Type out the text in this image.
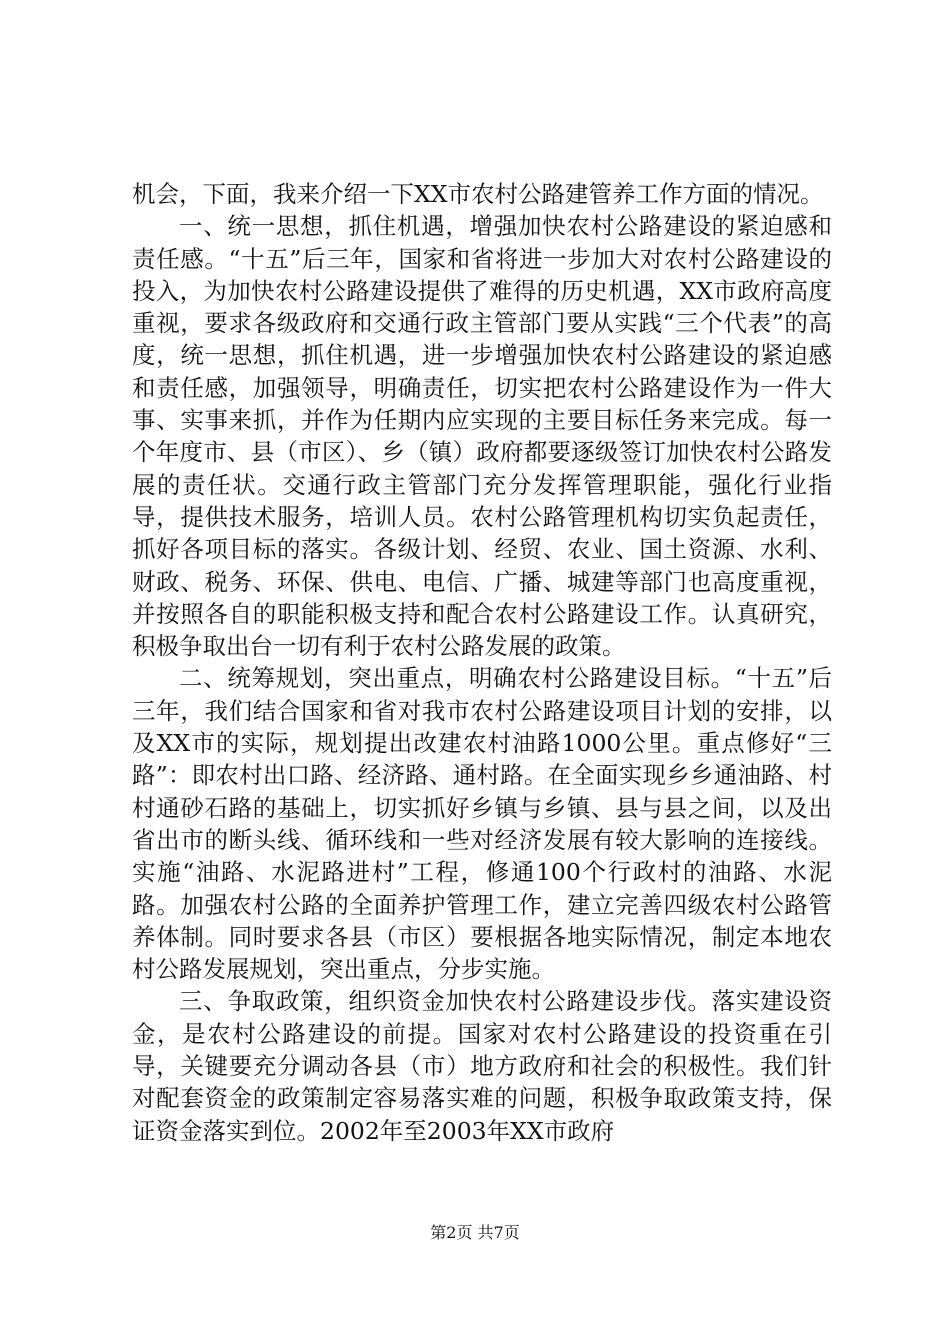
机会，下面，我来介绍一下XX市农村公路建管养工作方面的情况。

一、统一思想，抓住机遇，增强加快农村公路建设的紧迫感和责任感。“十五”后三年，国家和省将进一步加大对农村公路建设的投入，为加快农村公路建设提供了难得的历史机遇，XX市政府高度重视，要求各级政府和交通行政主管部门要从实践“三个代表”的高度，统一思想，抓住机遇，进一步增强加快农村公路建设的紧迫感和责任感，加强领导，明确责任，切实把农村公路建设作为一件大事、实事来抓，并作为任期内应实现的主要目标任务来完成。每一个年度市、县（市区）、乡（镇）政府都要逐级签订加快农村公路发展的责任状。交通行政主管部门充分发挥管理职能，强化行业指导，提供技术服务，培训人员。农村公路管理机构切实负起责任，抓好各项目标的落实。各级计划、经贸、农业、国土资源、水利、财政、税务、环保、供电、电信、广播、城建等部门也高度重视，并按照各自的职能积极支持和配合农村公路建设工作。认真研究，积极争取出台一切有利于农村公路发展的政策。

二、统筹规划，突出重点，明确农村公路建设目标。“十五”后三年，我们结合国家和省对我市农村公路建设项目计划的安排，以及XX市的实际，规划提出改建农村油路1000公里。重点修好“三路”：即农村出口路、经济路、通村路。在全面实现乡乡通油路、村村通砂石路的基础上，切实抓好乡镇与乡镇、县与县之间，以及出省出市的断头线、循环线和一些对经济发展有较大影响的连接线。实施“油路、水泥路进村”工程，修通100个行政村的油路、水泥路。加强农村公路的全面养护管理工作，建立完善四级农村公路管养体制。同时要求各县（市区）要根据各地实际情况，制定本地农村公路发展规划，突出重点，分步实施。

三、争取政策，组织资金加快农村公路建设步伐。落实建设资金，是农村公路建设的前提。国家对农村公路建设的投资重在引导，关键要充分调动各县（市）地方政府和社会的积极性。我们针对配套资金的政策制定容易落实难的问题，积极争取政策支持，保证资金落实到位。2002年至2003年XX市政府

第2页 共7页
